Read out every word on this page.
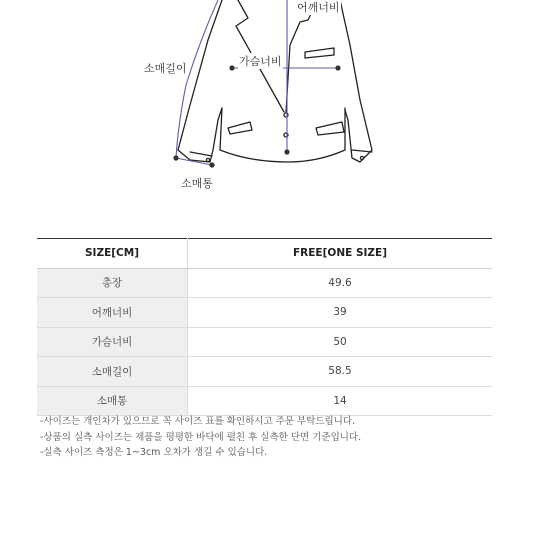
어깨너비
가슴너비
소매길이
소매통
SIZE[CM]	FREE[ONE SIZE]
총장	49.6
어깨너비	39
가슴너비	50
소매길이	58.5
소매통	14
-사이즈는 개인차가 있으므로 꼭 사이즈 표를 확인하시고 주문 부탁드립니다.
-상품의 실측 사이즈는 제품을 평평한 바닥에 펼친 후 실측한 단면 기준입니다.
-실측 사이즈 측정은 1~3cm 오차가 생길 수 있습니다.
